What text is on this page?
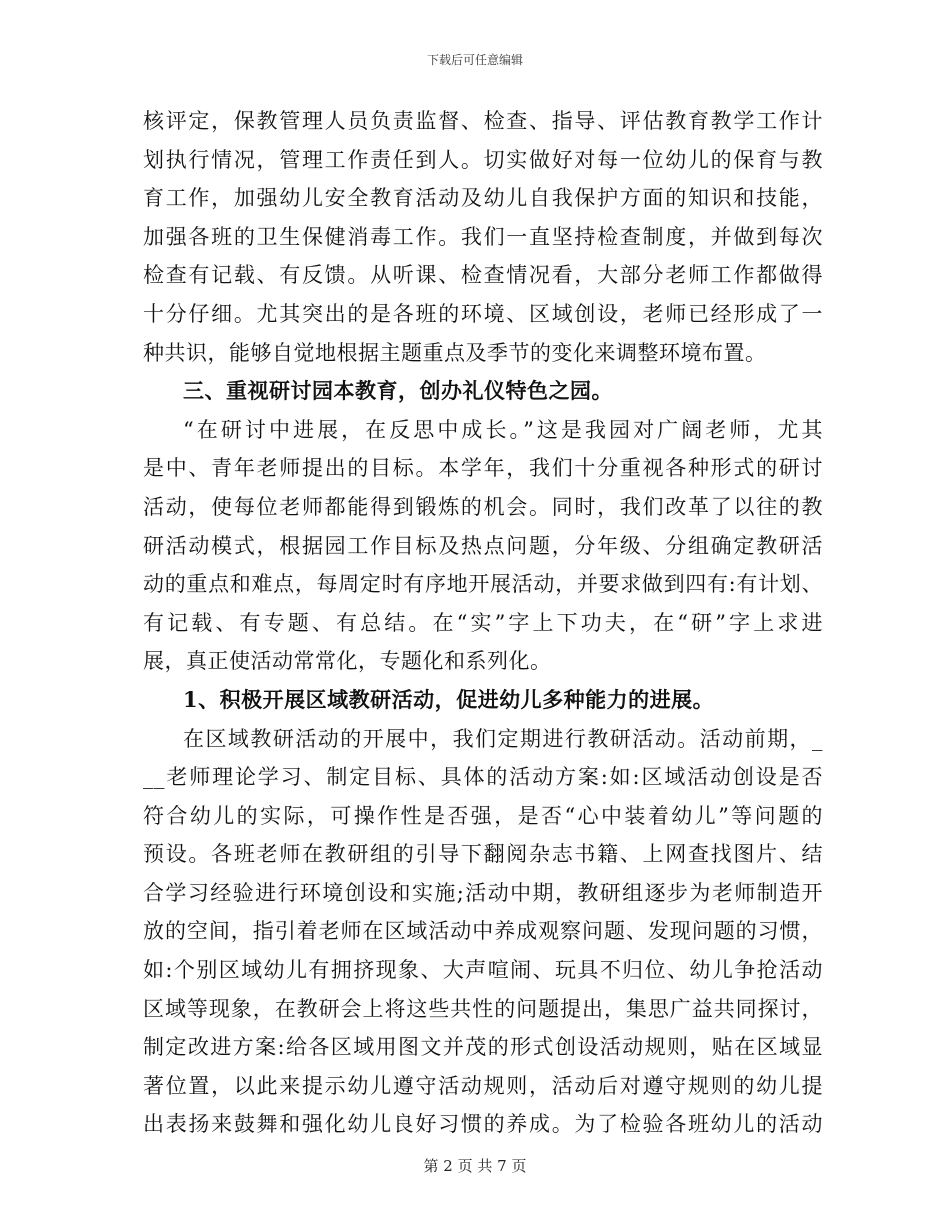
下载后可任意编辑
核评定，保教管理人员负责监督、检查、指导、评估教育教学工作计
划执行情况，管理工作责任到人。切实做好对每一位幼儿的保育与教
育工作，加强幼儿安全教育活动及幼儿自我保护方面的知识和技能，
加强各班的卫生保健消毒工作。我们一直坚持检查制度，并做到每次
检查有记载、有反馈。从听课、检查情况看，大部分老师工作都做得
十分仔细。尤其突出的是各班的环境、区域创设，老师已经形成了一
种共识，能够自觉地根据主题重点及季节的变化来调整环境布置。
三、重视研讨园本教育，创办礼仪特色之园。
“在研讨中进展，在反思中成长。”这是我园对广阔老师，尤其
是中、青年老师提出的目标。本学年，我们十分重视各种形式的研讨
活动，使每位老师都能得到锻炼的机会。同时，我们改革了以往的教
研活动模式，根据园工作目标及热点问题，分年级、分组确定教研活
动的重点和难点，每周定时有序地开展活动，并要求做到四有:有计划、
有记载、有专题、有总结。在“实”字上下功夫，在“研”字上求进
展，真正使活动常常化，专题化和系列化。
1、积极开展区域教研活动，促进幼儿多种能力的进展。
在区域教研活动的开展中，我们定期进行教研活动。活动前期，_
__老师理论学习、制定目标、具体的活动方案:如:区域活动创设是否
符合幼儿的实际，可操作性是否强，是否“心中装着幼儿”等问题的
预设。各班老师在教研组的引导下翻阅杂志书籍、上网查找图片、结
合学习经验进行环境创设和实施;活动中期，教研组逐步为老师制造开
放的空间，指引着老师在区域活动中养成观察问题、发现问题的习惯，
如:个别区域幼儿有拥挤现象、大声喧闹、玩具不归位、幼儿争抢活动
区域等现象，在教研会上将这些共性的问题提出，集思广益共同探讨，
制定改进方案:给各区域用图文并茂的形式创设活动规则，贴在区域显
著位置，以此来提示幼儿遵守活动规则，活动后对遵守规则的幼儿提
出表扬来鼓舞和强化幼儿良好习惯的养成。为了检验各班幼儿的活动
第 2 页 共 7 页
